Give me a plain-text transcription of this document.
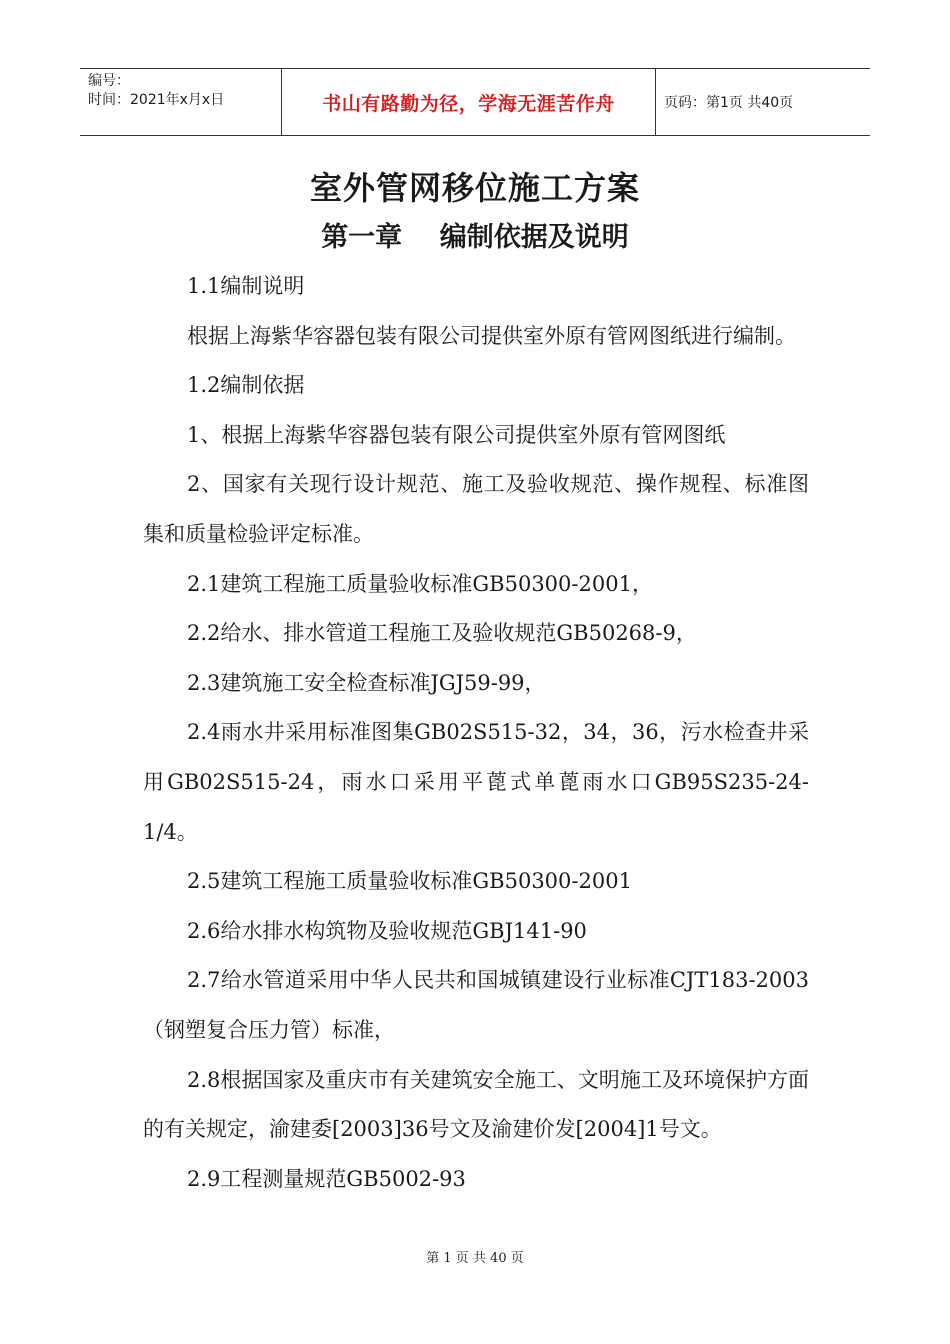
编号：
时间：2021年x月x日	书山有路勤为径，学海无涯苦作舟	页码：第1页 共40页
室外管网移位施工方案
第一章    编制依据及说明

1.1编制说明

根据上海紫华容器包装有限公司提供室外原有管网图纸进行编制。

1.2编制依据

1、根据上海紫华容器包装有限公司提供室外原有管网图纸

2、国家有关现行设计规范、施工及验收规范、操作规程、标准图集和质量检验评定标准。

2.1建筑工程施工质量验收标准GB50300-2001，

2.2给水、排水管道工程施工及验收规范GB50268-9，

2.3建筑施工安全检查标准JGJ59-99，

2.4雨水井采用标准图集GB02S515-32，34，36，污水检查井采用GB02S515-24，雨水口采用平蓖式单蓖雨水口GB95S235-24-1/4。

2.5建筑工程施工质量验收标准GB50300-2001

2.6给水排水构筑物及验收规范GBJ141-90

2.7给水管道采用中华人民共和国城镇建设行业标准CJT183-2003（钢塑复合压力管）标准，

2.8根据国家及重庆市有关建筑安全施工、文明施工及环境保护方面的有关规定，渝建委[2003]36号文及渝建价发[2004]1号文。

2.9工程测量规范GB5002-93

第 1 页 共 40 页
